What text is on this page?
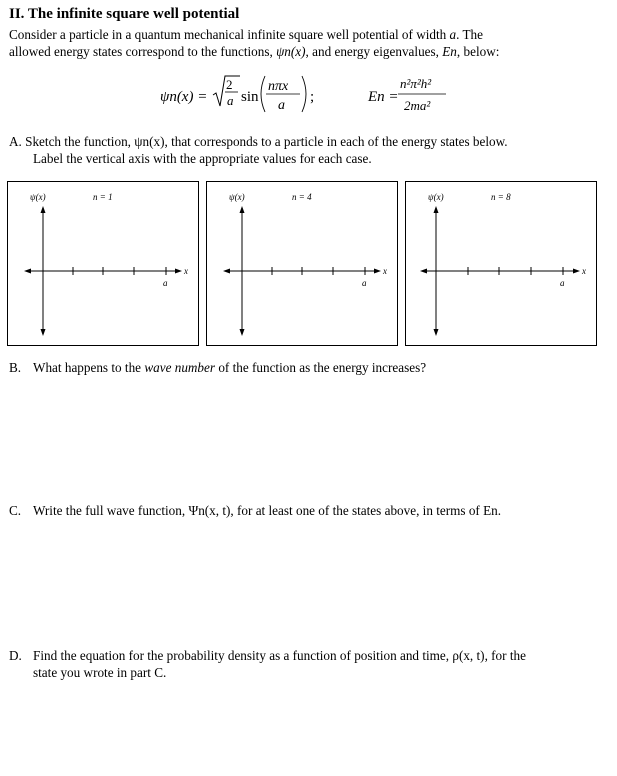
II. The infinite square well potential
Consider a particle in a quantum mechanical infinite square well potential of width a. The
allowed energy states correspond to the functions, ψn(x), and energy eigenvalues, En, below:
ψn(x) =
2
a sin
nπx
a
;	En =
n²π²h²
2ma²
A. Sketch the function, ψn(x), that corresponds to a particle in each of the energy states below.
Label the vertical axis with the appropriate values for each case.
ψ(x)	n = 1
x
a
ψ(x)	n = 4
x
a
ψ(x)	n = 8
x
a
B. What happens to the wave number of the function as the energy increases?
C. Write the full wave function, Ψn(x, t), for at least one of the states above, in terms of En.
D. Find the equation for the probability density as a function of position and time, ρ(x, t), for the
state you wrote in part C.
